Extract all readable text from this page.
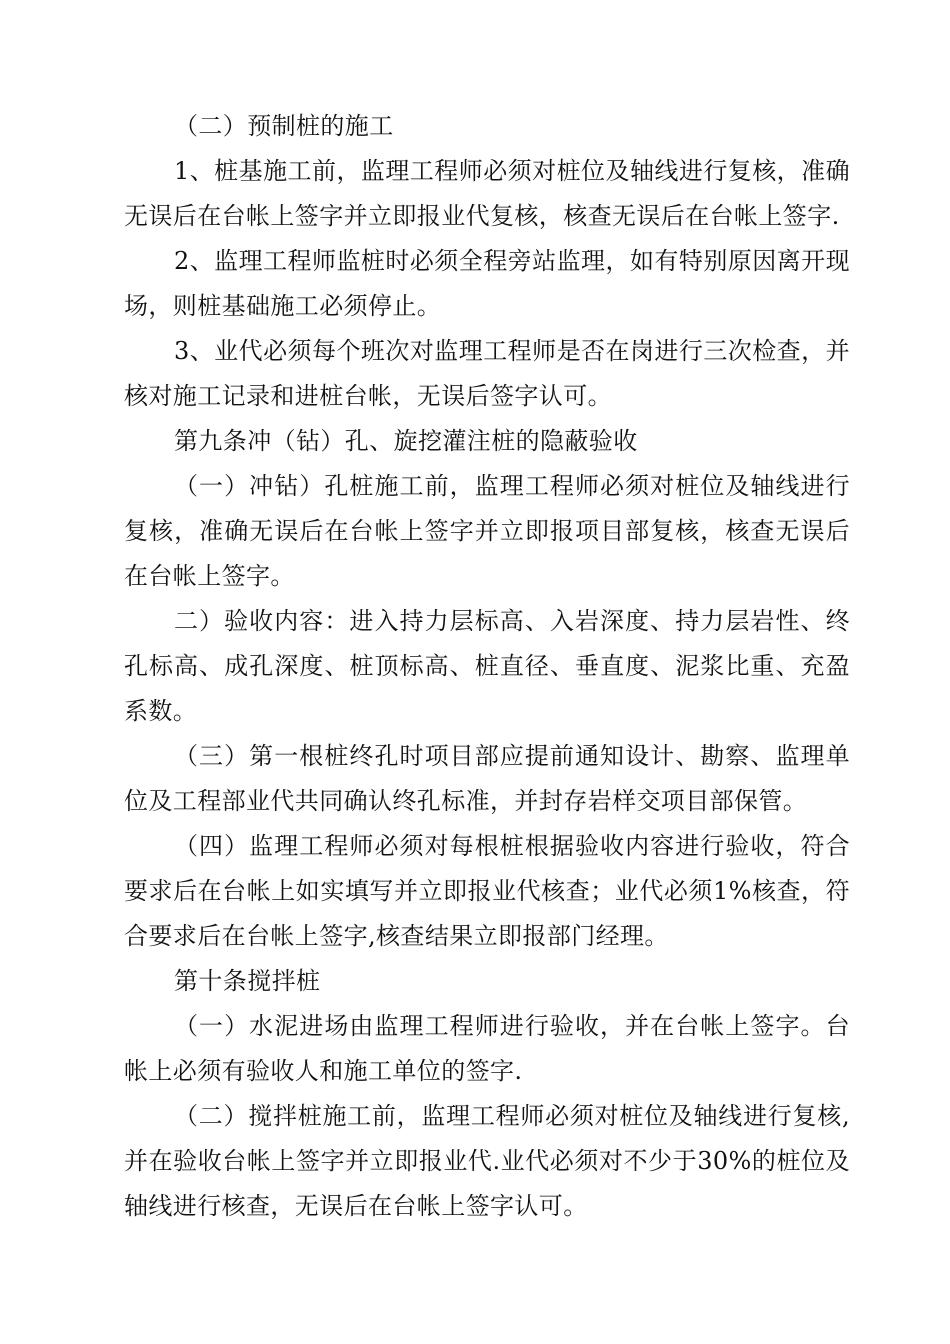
（二）预制桩的施工

1、桩基施工前，监理工程师必须对桩位及轴线进行复核，准确无误后在台帐上签字并立即报业代复核，核查无误后在台帐上签字.

2、监理工程师监桩时必须全程旁站监理，如有特别原因离开现场，则桩基础施工必须停止。

3、业代必须每个班次对监理工程师是否在岗进行三次检查，并核对施工记录和进桩台帐，无误后签字认可。

第九条冲（钻）孔、旋挖灌注桩的隐蔽验收

（一）冲钻）孔桩施工前，监理工程师必须对桩位及轴线进行复核，准确无误后在台帐上签字并立即报项目部复核，核查无误后在台帐上签字。

二）验收内容：进入持力层标高、入岩深度、持力层岩性、终孔标高、成孔深度、桩顶标高、桩直径、垂直度、泥浆比重、充盈系数。

（三）第一根桩终孔时项目部应提前通知设计、勘察、监理单位及工程部业代共同确认终孔标准，并封存岩样交项目部保管。

（四）监理工程师必须对每根桩根据验收内容进行验收，符合要求后在台帐上如实填写并立即报业代核查；业代必须1%核查，符合要求后在台帐上签字,核查结果立即报部门经理。

第十条搅拌桩

（一）水泥进场由监理工程师进行验收，并在台帐上签字。台帐上必须有验收人和施工单位的签字.

（二）搅拌桩施工前，监理工程师必须对桩位及轴线进行复核,并在验收台帐上签字并立即报业代.业代必须对不少于30%的桩位及轴线进行核查，无误后在台帐上签字认可。
